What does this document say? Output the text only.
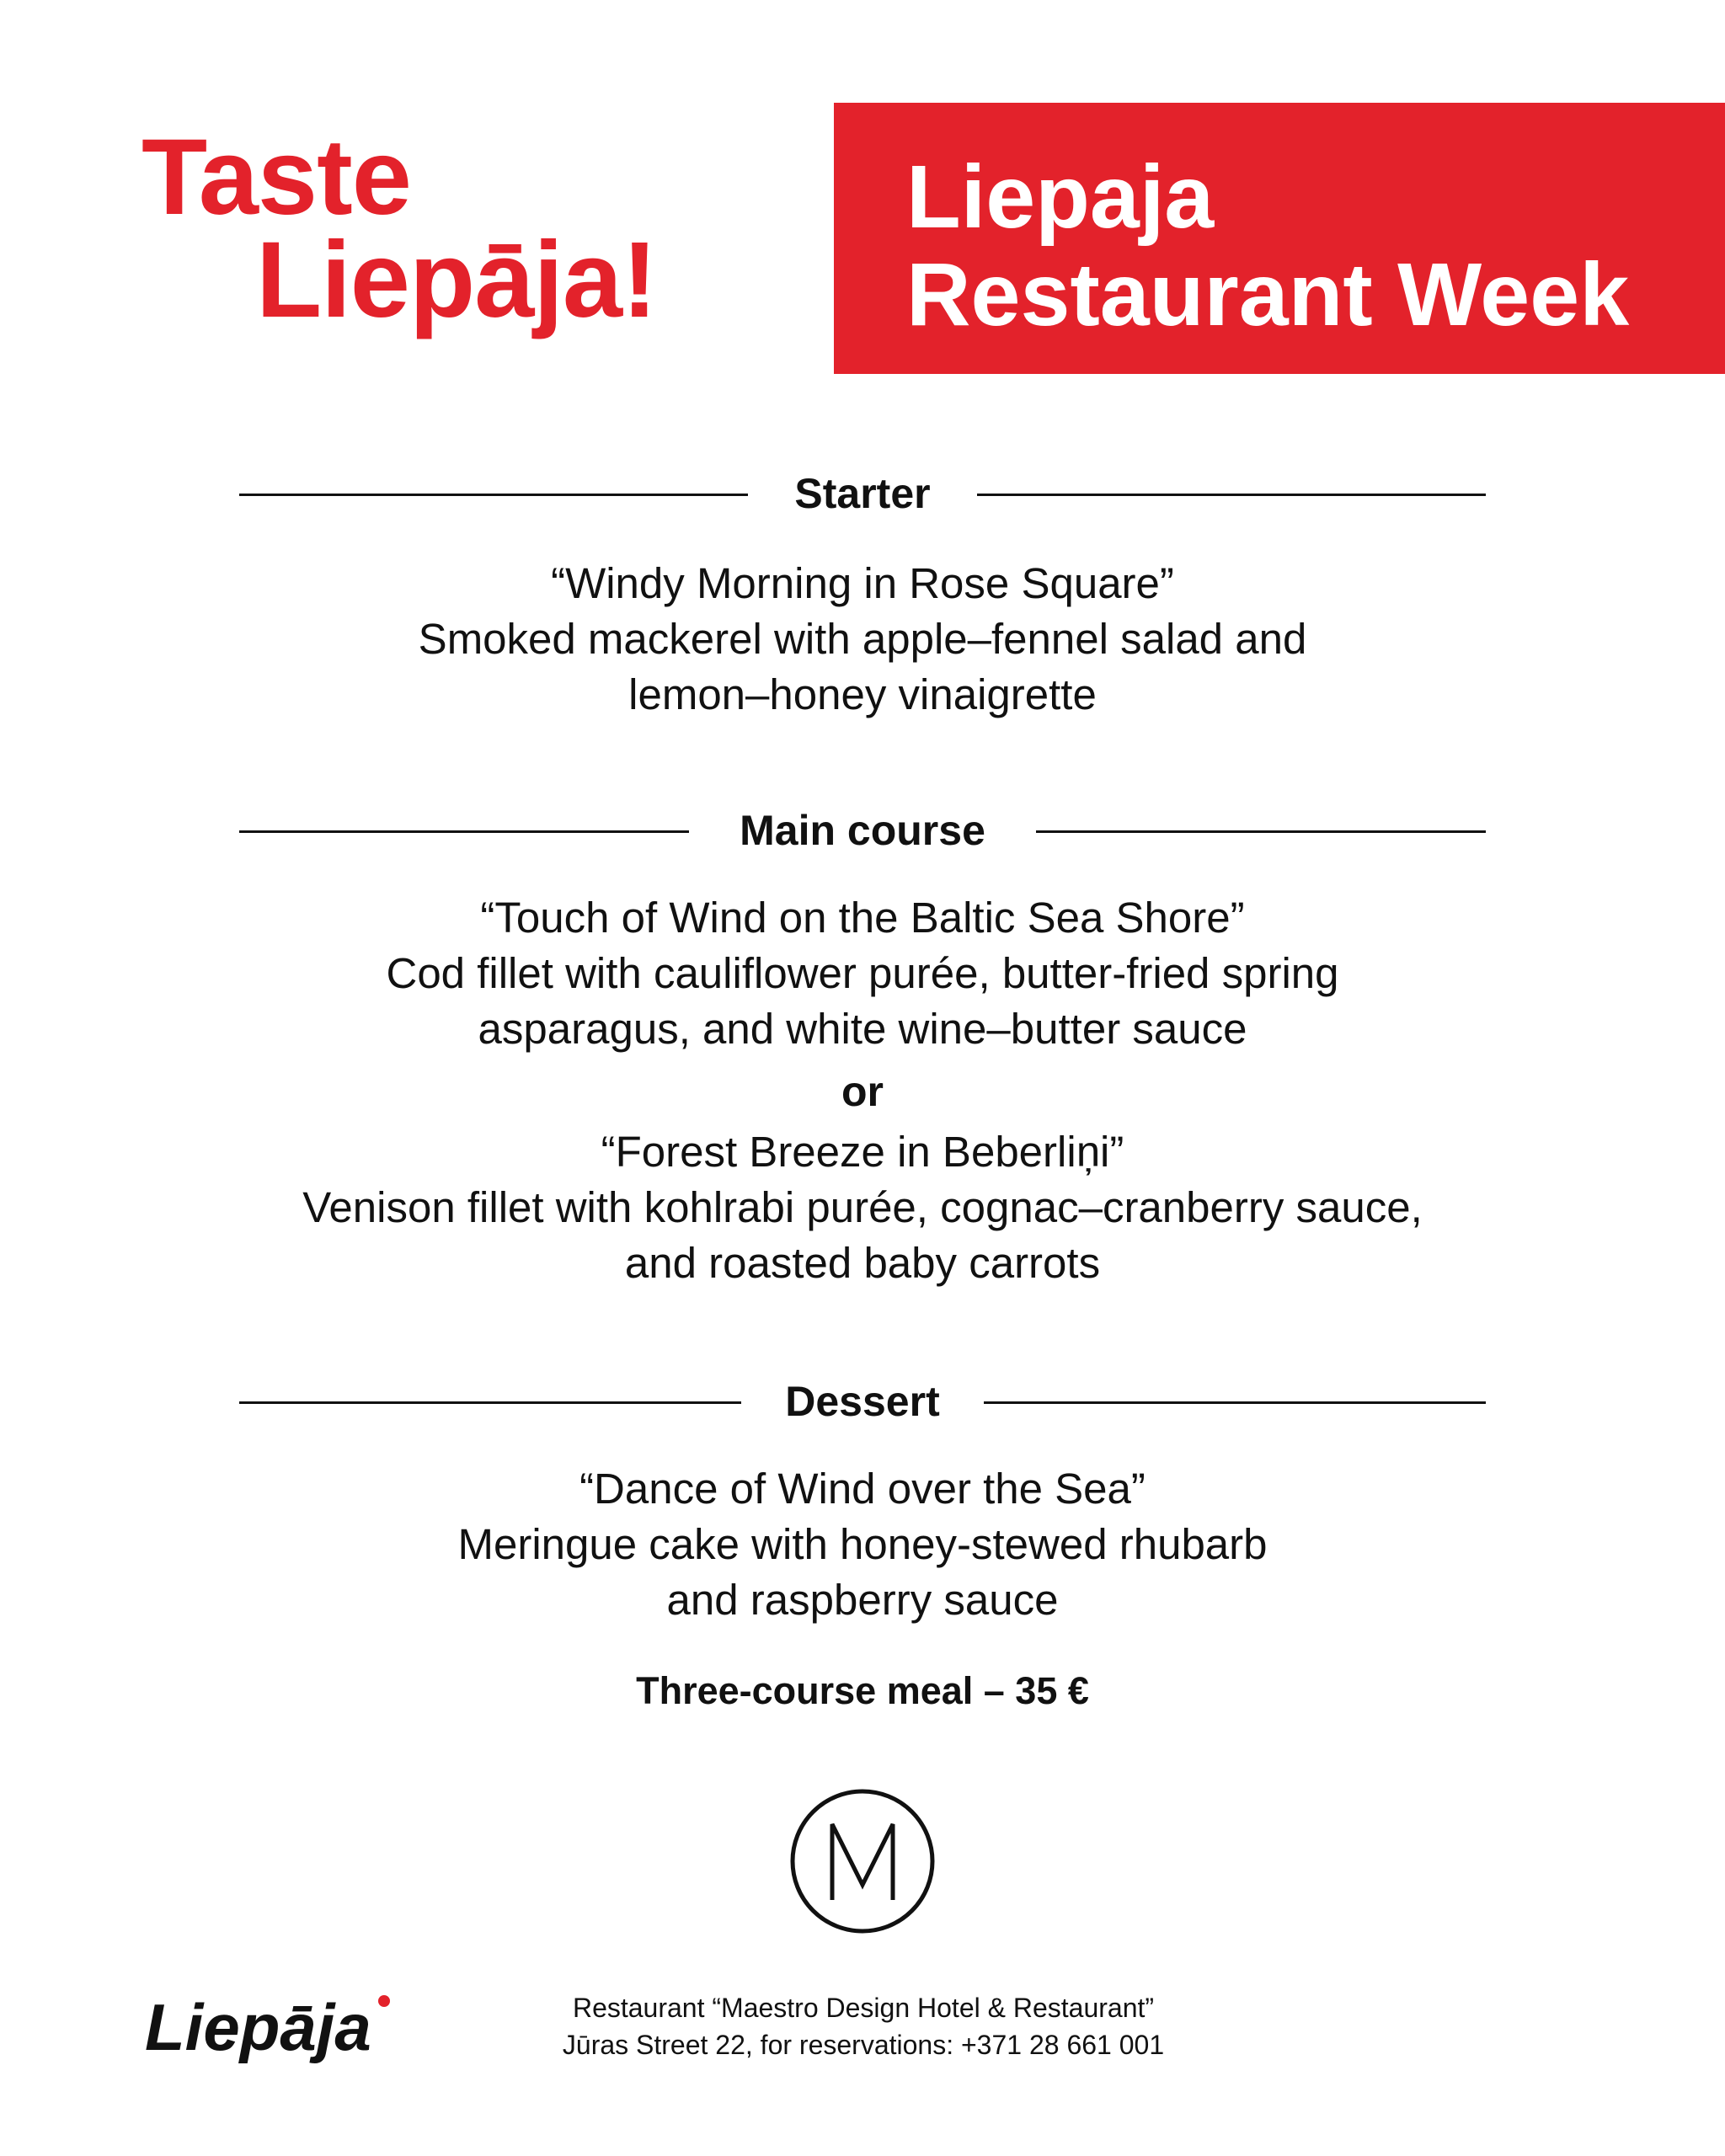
Taste
Liepāja!
Liepaja
Restaurant Week
Starter
“Windy Morning in Rose Square”
Smoked mackerel with apple–fennel salad and
lemon–honey vinaigrette
Main course
“Touch of Wind on the Baltic Sea Shore”
Cod fillet with cauliflower purée, butter-fried spring
asparagus, and white wine–butter sauce
or
“Forest Breeze in Beberliņi”
Venison fillet with kohlrabi purée, cognac–cranberry sauce,
and roasted baby carrots
Dessert
“Dance of Wind over the Sea”
Meringue cake with honey-stewed rhubarb
and raspberry sauce
Three-course meal – 35 €
Liepāja	Restaurant “Maestro Design Hotel & Restaurant”
Jūras Street 22, for reservations: +371 28 661 001
